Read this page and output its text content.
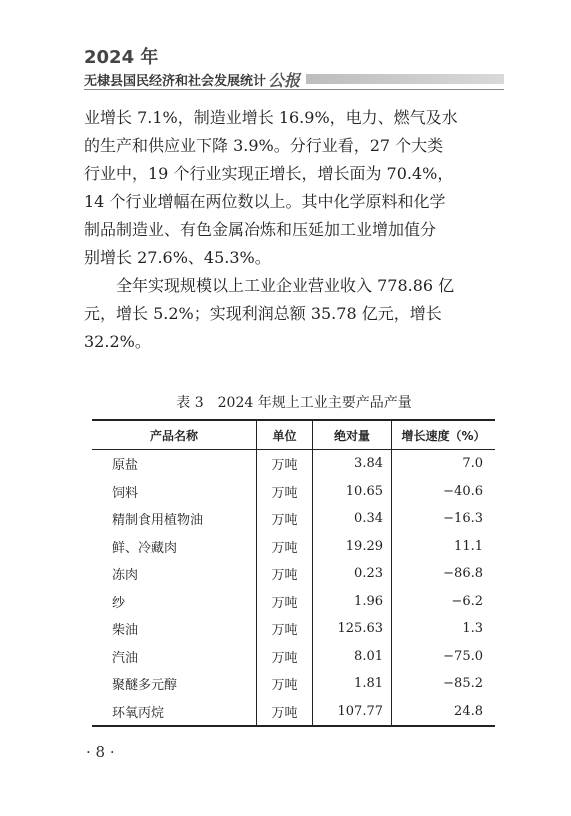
2024 年
无棣县国民经济和社会发展统计 公报

业增长 7.1%，制造业增长 16.9%，电力、燃气及水
的生产和供应业下降 3.9%。分行业看，27 个大类
行业中，19 个行业实现正增长，增长面为 70.4%，
14 个行业增幅在两位数以上。其中化学原料和化学
制品制造业、有色金属冶炼和压延加工业增加值分
别增长 27.6%、45.3%。

全年实现规模以上工业企业营业收入 778.86 亿
元，增长 5.2%；实现利润总额 35.78 亿元，增长
32.2%。

表 3　2024 年规上工业主要产品产量
产品名称	单位	绝对量	增长速度（%）
原盐	万吨	3.84	7.0
饲料	万吨	10.65	−40.6
精制食用植物油	万吨	0.34	−16.3
鲜、冷藏肉	万吨	19.29	11.1
冻肉	万吨	0.23	−86.8
纱	万吨	1.96	−6.2
柴油	万吨	125.63	1.3
汽油	万吨	8.01	−75.0
聚醚多元醇	万吨	1.81	−85.2
环氧丙烷	万吨	107.77	24.8
· 8 ·
